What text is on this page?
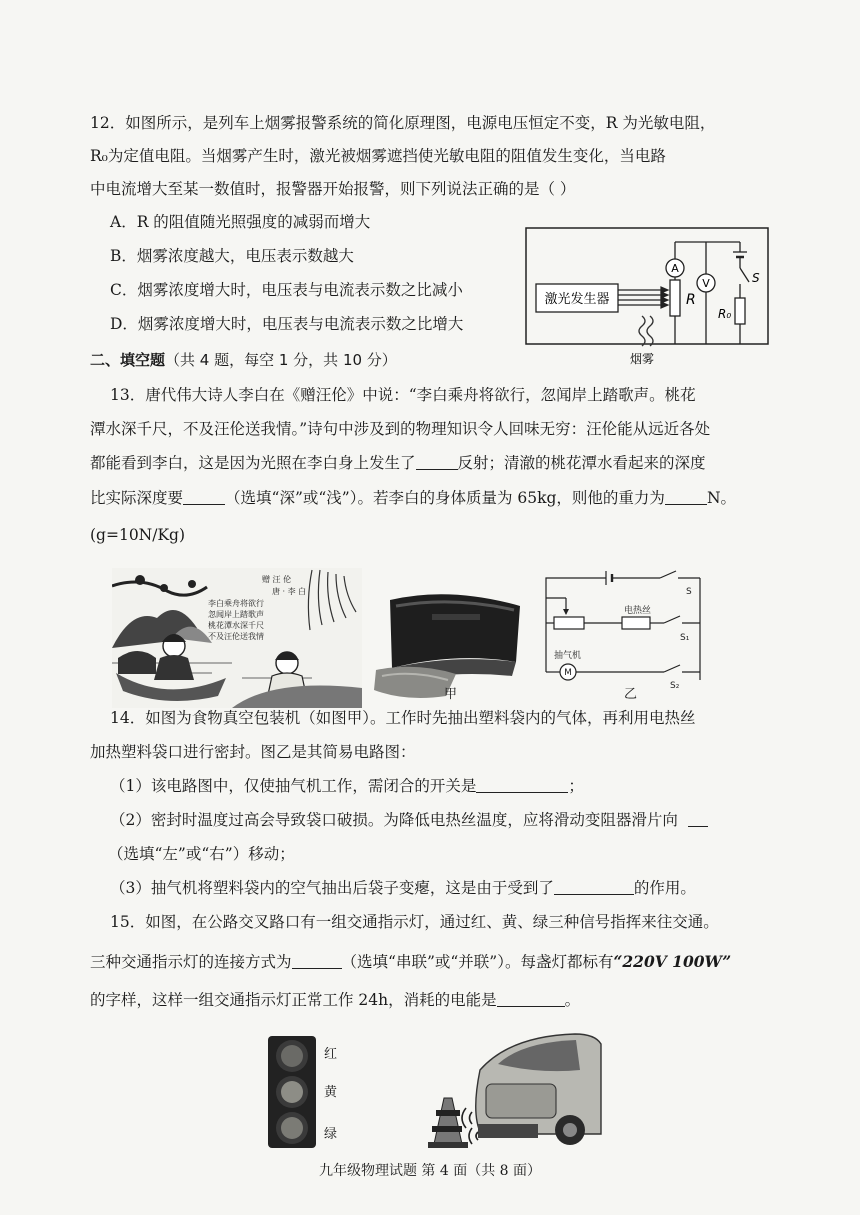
12．如图所示，是列车上烟雾报警系统的简化原理图，电源电压恒定不变，R 为光敏电阻，
R₀为定值电阻。当烟雾产生时，激光被烟雾遮挡使光敏电阻的阻值发生变化，当电路
中电流增大至某一数值时，报警器开始报警，则下列说法正确的是（ ）
A．R 的阻值随光照强度的减弱而增大
B．烟雾浓度越大，电压表示数越大
C．烟雾浓度增大时，电压表与电流表示数之比减小
D．烟雾浓度增大时，电压表与电流表示数之比增大
激光发生器	R
A
V	S
R₀
烟雾
二、填空题（共 4 题，每空 1 分，共 10 分）
13．唐代伟大诗人李白在《赠汪伦》中说：“李白乘舟将欲行，忽闻岸上踏歌声。桃花
潭水深千尺，不及汪伦送我情。”诗句中涉及到的物理知识令人回味无穷：汪伦能从远近各处
都能看到李白，这是因为光照在李白身上发生了	反射；清澈的桃花潭水看起来的深度
比实际深度要	（选填“深”或“浅”）。若李白的身体质量为 65kg，则他的重力为	N。
(g=10N/Kg)
赠 汪 伦
唐 · 李 白
李白乘舟将欲行
忽闻岸上踏歌声
桃花潭水深千尺
不及汪伦送我情
甲
电热丝
抽气机
M
S
S₁
S₂
乙
14．如图为食物真空包装机（如图甲）。工作时先抽出塑料袋内的气体，再利用电热丝
加热塑料袋口进行密封。图乙是其简易电路图：
（1）该电路图中，仅使抽气机工作，需闭合的开关是	；
（2）密封时温度过高会导致袋口破损。为降低电热丝温度，应将滑动变阻器滑片向
（选填“左”或“右”）移动；
（3）抽气机将塑料袋内的空气抽出后袋子变瘪，这是由于受到了	的作用。
15．如图，在公路交叉路口有一组交通指示灯，通过红、黄、绿三种信号指挥来往交通。
三种交通指示灯的连接方式为	（选填“串联”或“并联”）。每盏灯都标有“220V 100W”
的字样，这样一组交通指示灯正常工作 24h，消耗的电能是	。
红
黄
绿
九年级物理试题 第 4 面（共 8 面）
